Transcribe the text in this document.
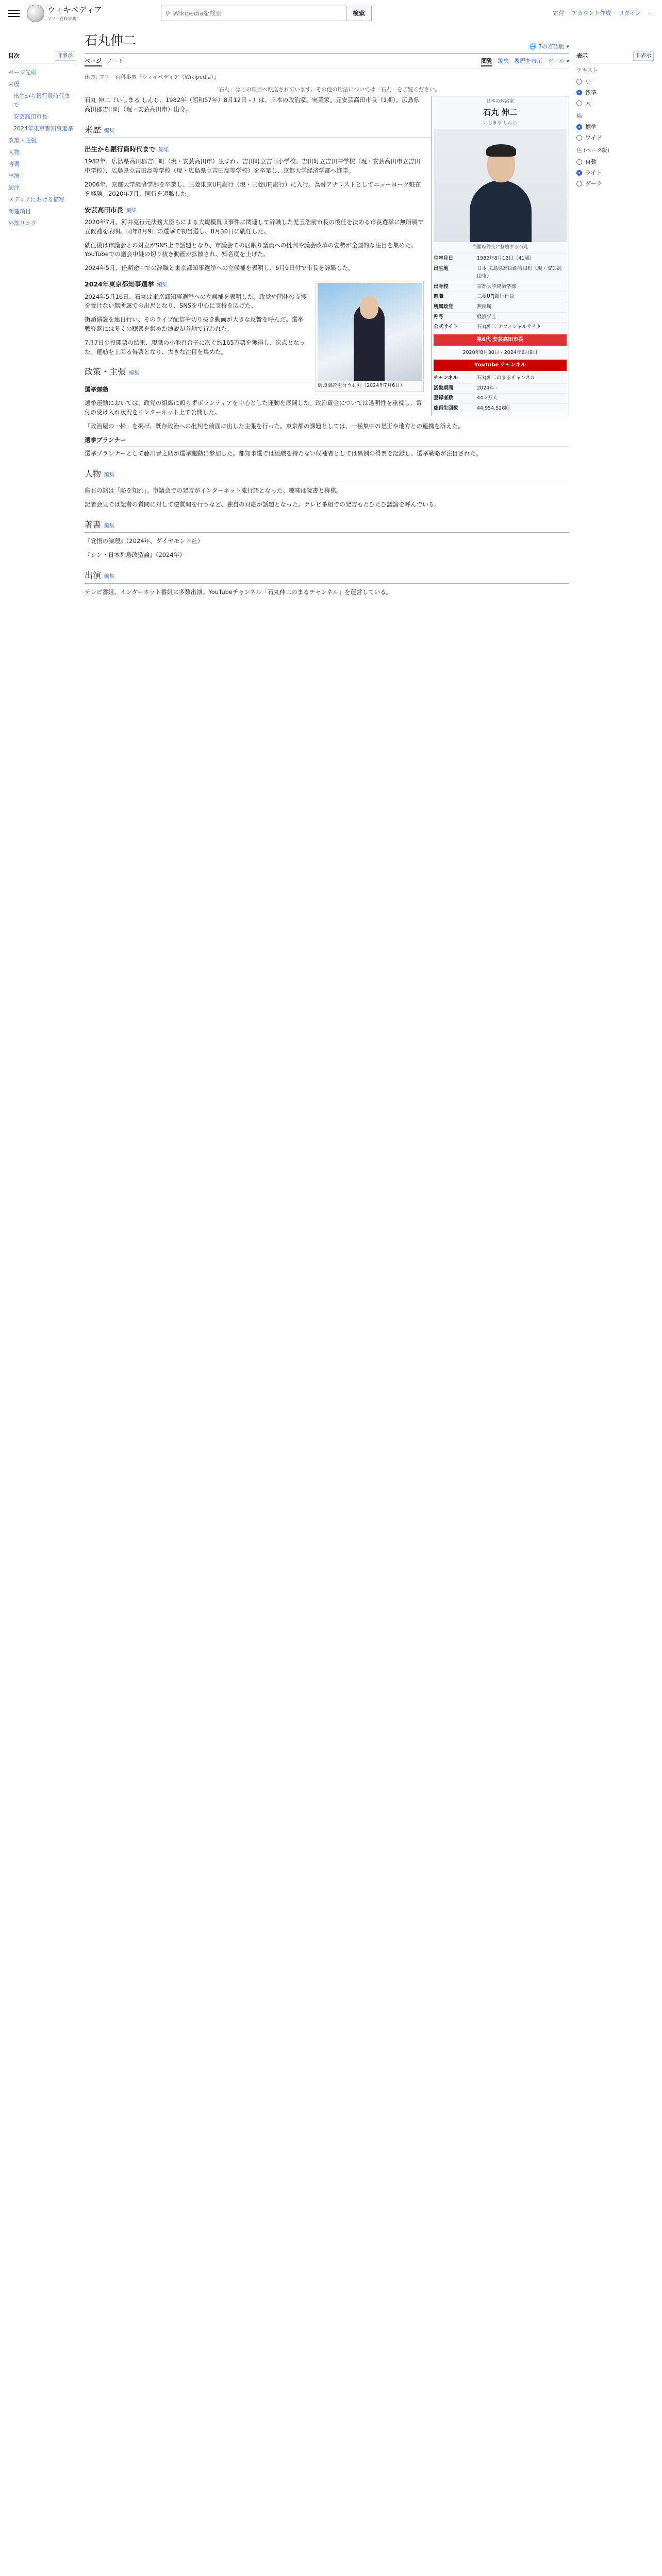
ウィキペディア
フリー百科事典
⚲ Wikipediaを検索	検索	寄付 アカウント作成 ログイン ⋯
目次	非表示
ページ先頭
来歴
出生から銀行員時代まで
安芸高田市長
2024年東京都知事選挙
政策・主張
人物
著書
出演
脚注
メディアにおける描写
関連項目
外部リンク
石丸伸二	🌐 7の言語版 ▾
ページ ノート	閲覧 編集 履歴を表示 ツール ▾
出典: フリー百科事典『ウィキペディア（Wikipedia）』
「石丸」はこの項目へ転送されています。その他の用法については「石丸」をご覧ください。
日本の政治家
石丸 伸二
いしまる しんじ
内閣府外交に登壇する石丸
生年月日	1982年8月12日（41歳）
出生地	日本 広島県高田郡吉田町（現・安芸高田市）
出身校	京都大学経済学部
前職	三菱UFJ銀行行員
所属政党	無所属
称号	経済学士
公式サイト	石丸伸二 オフィシャルサイト
第6代 安芸高田市長
2020年8月30日 - 2024年6月9日
YouTube チャンネル
チャンネル	石丸伸二のまるチャンネル
活動期間	2024年 -
登録者数	44.2万人
総再生回数	44,954,528回

石丸 伸二（いしまる しんじ、1982年（昭和57年）8月12日 - ）は、日本の政治家、実業家。元安芸高田市長（1期）。広島県高田郡吉田町（現・安芸高田市）出身。

来歴 編集
出生から銀行員時代まで 編集

1982年、広島県高田郡吉田町（現・安芸高田市）生まれ。吉田町立吉田小学校、吉田町立吉田中学校（現・安芸高田市立吉田中学校）、広島県立吉田高等学校（現・広島県立吉田高等学校）を卒業し、京都大学経済学部へ進学。

2006年、京都大学経済学部を卒業し、三菱東京UFJ銀行（現・三菱UFJ銀行）に入行。為替アナリストとしてニューヨーク駐在を経験。2020年7月、同行を退職した。

安芸高田市長 編集

2020年7月、河井克行元法務大臣らによる大規模買収事件に関連して辞職した児玉浩前市長の後任を決める市長選挙に無所属で立候補を表明。同年8月9日の選挙で初当選し、8月30日に就任した。

就任後は市議会との対立がSNS上で話題となり、市議会での居眠り議員への批判や議会改革の姿勢が全国的な注目を集めた。YouTubeでの議会中継の切り抜き動画が拡散され、知名度を上げた。

2024年5月、任期途中での辞職と東京都知事選挙への立候補を表明し、6月9日付で市長を辞職した。

街頭演説を行う石丸（2024年7月6日）
2024年東京都知事選挙 編集

2024年5月16日、石丸は東京都知事選挙への立候補を表明した。政党や団体の支援を受けない無所属での出馬となり、SNSを中心に支持を広げた。

街頭演説を連日行い、そのライブ配信や切り抜き動画が大きな反響を呼んだ。選挙戦終盤には多くの聴衆を集めた演説が各地で行われた。

7月7日の投開票の結果、現職の小池百合子に次ぐ約165万票を獲得し、次点となった。蓮舫を上回る得票となり、大きな注目を集めた。

政策・主張 編集
選挙運動

選挙運動においては、政党の組織に頼らずボランティアを中心とした運動を展開した。政治資金については透明性を重視し、寄付の受け入れ状況をインターネット上で公開した。

「政治屋の一掃」を掲げ、既存政治への批判を前面に出した主張を行った。東京都の課題としては、一極集中の是正や地方との連携を訴えた。

選挙プランナー

選挙プランナーとして藤川晋之助が選挙運動に参加した。都知事選では組織を持たない候補者としては異例の得票を記録し、選挙戦略が注目された。

人物 編集

座右の銘は「恥を知れ」。市議会での発言がインターネット流行語となった。趣味は読書と将棋。

記者会見では記者の質問に対して逆質問を行うなど、独自の対応が話題となった。テレビ番組での発言もたびたび議論を呼んでいる。

著書 編集

『覚悟の論理』（2024年、ダイヤモンド社）

『シン・日本列島改造論』（2024年）

出演 編集

テレビ番組、インターネット番組に多数出演。YouTubeチャンネル「石丸伸二のまるチャンネル」を運営している。

表示	非表示
テキスト
小
標準
大
幅
標準
ワイド
色 (ベータ版)
自動
ライト
ダーク
